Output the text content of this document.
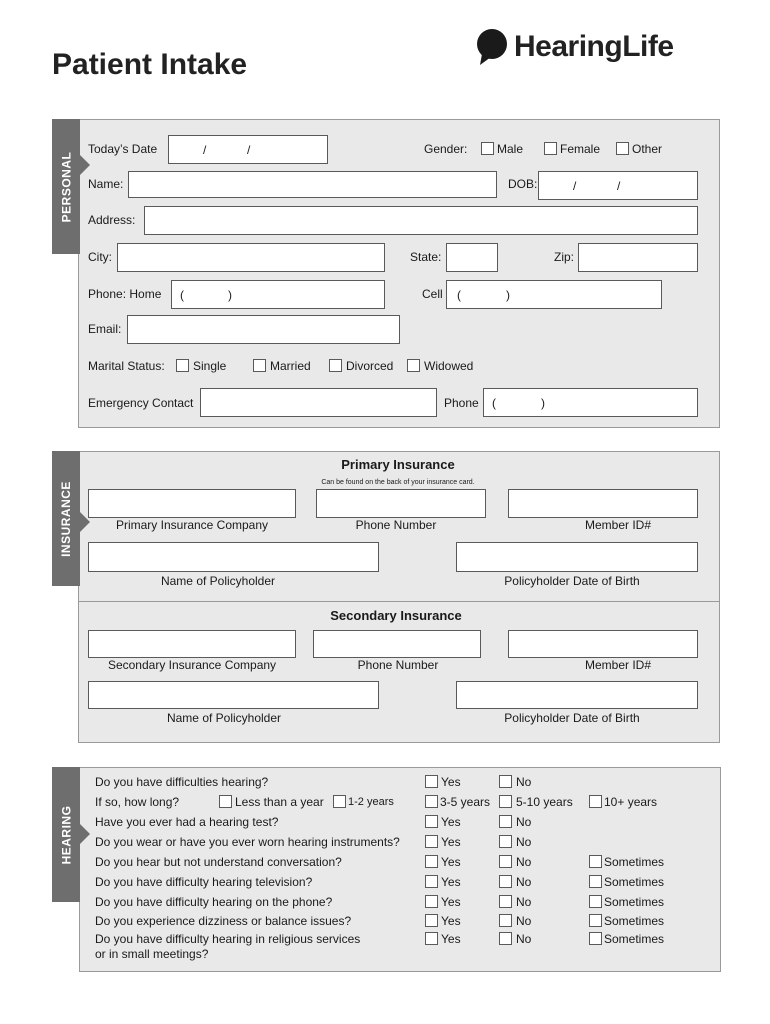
Patient Intake
HearingLife
PERSONAL
Today’s Date	/	/	Gender: Male	Female	Other
Name:	DOB:	/	/
Address:
City:	State:	Zip:
Phone: Home (	)	Cell (	)
Email:
Marital Status: Single	Married	Divorced	Widowed
Emergency Contact	Phone (	)
INSURANCE
Primary Insurance
Can be found on the back of your insurance card.
Primary Insurance Company	Phone Number	Member ID#
Name of Policyholder	Policyholder Date of Birth
Secondary Insurance
Secondary Insurance Company	Phone Number	Member ID#
Name of Policyholder	Policyholder Date of Birth
HEARING
Do you have difficulties hearing?	Yes	No
If so, how long?	Less than a year 1-2 years	3-5 years 5-10 years	10+ years
Have you ever had a hearing test?	Yes	No
Do you wear or have you ever worn hearing instruments?	Yes	No
Do you hear but not understand conversation?	Yes	No	Sometimes
Do you have difficulty hearing television?	Yes	No	Sometimes
Do you have difficulty hearing on the phone?	Yes	No	Sometimes
Do you experience dizziness or balance issues?	Yes	No	Sometimes
Do you have difficulty hearing in religious services
or in small meetings?
Yes	No	Sometimes
